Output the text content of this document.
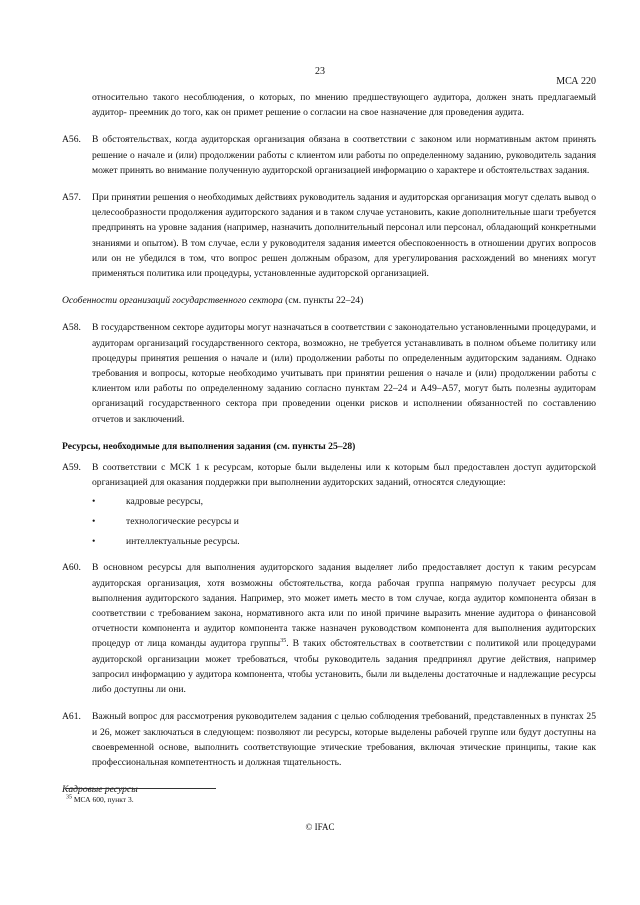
23
МСА 220
относительно такого несоблюдения, о которых, по мнению предшествующего аудитора, должен знать предлагаемый аудитор- преемник до того, как он примет решение о согласии на свое назначение для проведения аудита.
A56.	В обстоятельствах, когда аудиторская организация обязана в соответствии с законом или нормативным актом принять решение о начале и (или) продолжении работы с клиентом или работы по определенному заданию, руководитель задания может принять во внимание полученную аудиторской организацией информацию о характере и обстоятельствах задания.
A57.	При принятии решения о необходимых действиях руководитель задания и аудиторская организация могут сделать вывод о целесообразности продолжения аудиторского задания и в таком случае установить, какие дополнительные шаги требуется предпринять на уровне задания (например, назначить дополнительный персонал или персонал, обладающий конкретными знаниями и опытом). В том случае, если у руководителя задания имеется обеспокоенность в отношении других вопросов или он не убедился в том, что вопрос решен должным образом, для урегулирования расхождений во мнениях могут применяться политика или процедуры, установленные аудиторской организацией.
Особенности организаций государственного сектора (см. пункты 22–24)
A58.	В государственном секторе аудиторы могут назначаться в соответствии с законодательно установленными процедурами, и аудиторам организаций государственного сектора, возможно, не требуется устанавливать в полном объеме политику или процедуры принятия решения о начале и (или) продолжении работы по определенным аудиторским заданиям. Однако требования и вопросы, которые необходимо учитывать при принятии решения о начале и (или) продолжении работы с клиентом или работы по определенному заданию согласно пунктам 22–24 и А49–А57, могут быть полезны аудиторам организаций государственного сектора при проведении оценки рисков и исполнении обязанностей по составлению отчетов и заключений.
Ресурсы, необходимые для выполнения задания (см. пункты 25–28)
A59.	В соответствии с МСК 1 к ресурсам, которые были выделены или к которым был предоставлен доступ аудиторской организацией для оказания поддержки при выполнении аудиторских заданий, относятся следующие:
•	кадровые ресурсы,
•	технологические ресурсы и
•	интеллектуальные ресурсы.
A60.	В основном ресурсы для выполнения аудиторского задания выделяет либо предоставляет доступ к таким ресурсам аудиторская организация, хотя возможны обстоятельства, когда рабочая группа напрямую получает ресурсы для выполнения аудиторского задания. Например, это может иметь место в том случае, когда аудитор компонента обязан в соответствии с требованием закона, нормативного акта или по иной причине выразить мнение аудитора о финансовой отчетности компонента и аудитор компонента также назначен руководством компонента для выполнения аудиторских процедур от лица команды аудитора группы$^{35}$. В таких обстоятельствах в соответствии с политикой или процедурами аудиторской организации может требоваться, чтобы руководитель задания предпринял другие действия, например запросил информацию у аудитора компонента, чтобы установить, были ли выделены достаточные и надлежащие ресурсы либо доступны ли они.
A61.	Важный вопрос для рассмотрения руководителем задания с целью соблюдения требований, представленных в пунктах 25 и 26, может заключаться в следующем: позволяют ли ресурсы, которые выделены рабочей группе или будут доступны на своевременной основе, выполнить соответствующие этические требования, включая этические принципы, такие как профессиональная компетентность и должная тщательность.
Кадровые ресурсы
$^{35}$ МСА 600, пункт 3.
© IFAC
